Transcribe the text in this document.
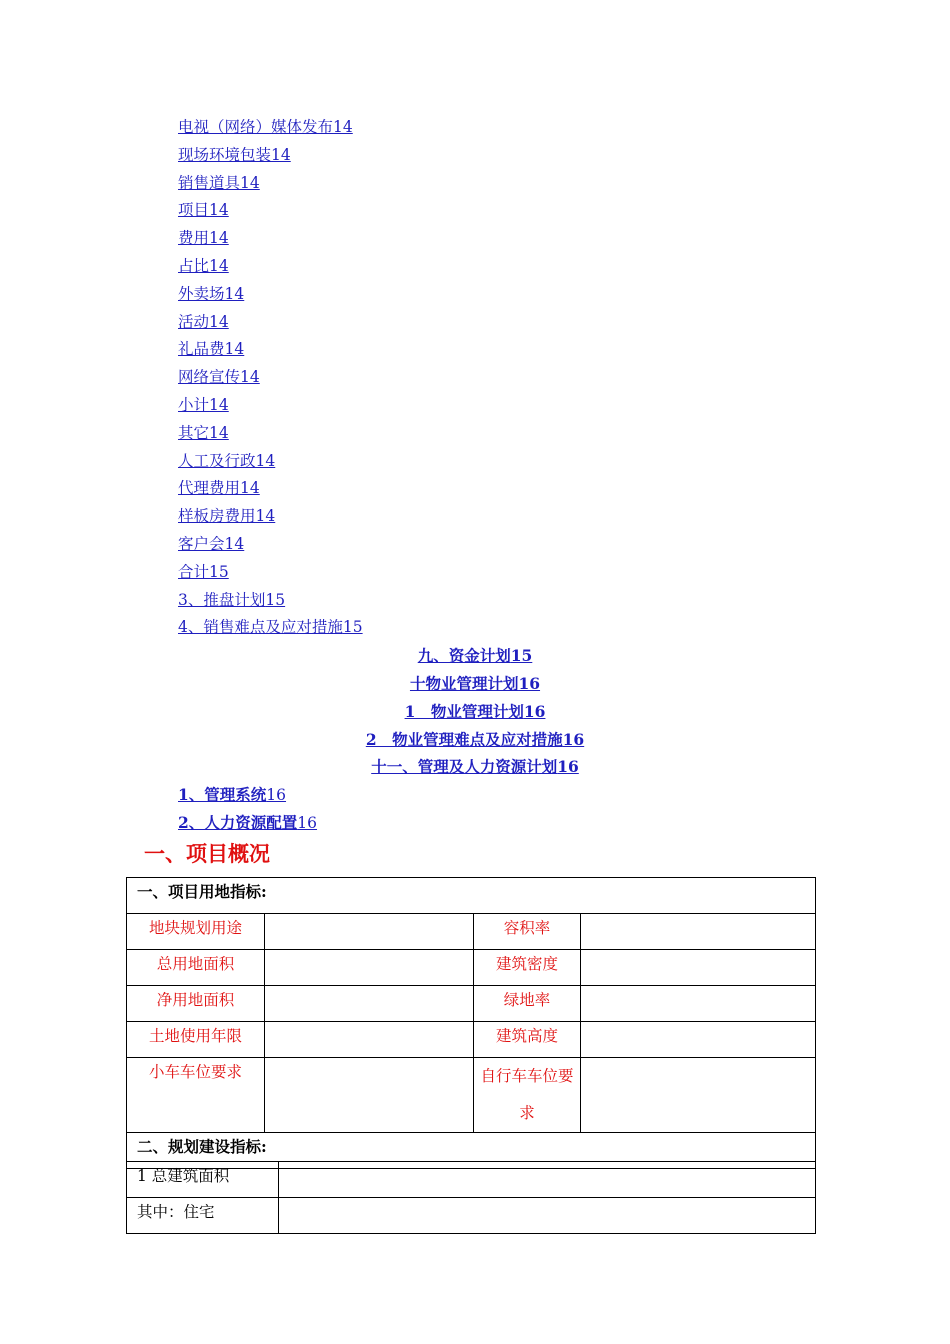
电视（网络）媒体发布14
现场环境包装14
销售道具14
项目14
费用14
占比14
外卖场14
活动14
礼品费14
网络宣传14
小计14
其它14
人工及行政14
代理费用14
样板房费用14
客户会14
合计15
3、推盘计划15
4、销售难点及应对措施15
九、资金计划15
十物业管理计划16
1　物业管理计划16
2　物业管理难点及应对措施16
十一、管理及人力资源计划16
1、管理系统16
2、人力资源配置16
一、项目概况
一、项目用地指标:			
地块规划用途		容积率	
总用地面积		建筑密度	
净用地面积		绿地率	
土地使用年限		建筑高度	
小车车位要求		自行车车位要求	
二、规划建设指标:			
1 总建筑面积	
其中：住宅	
